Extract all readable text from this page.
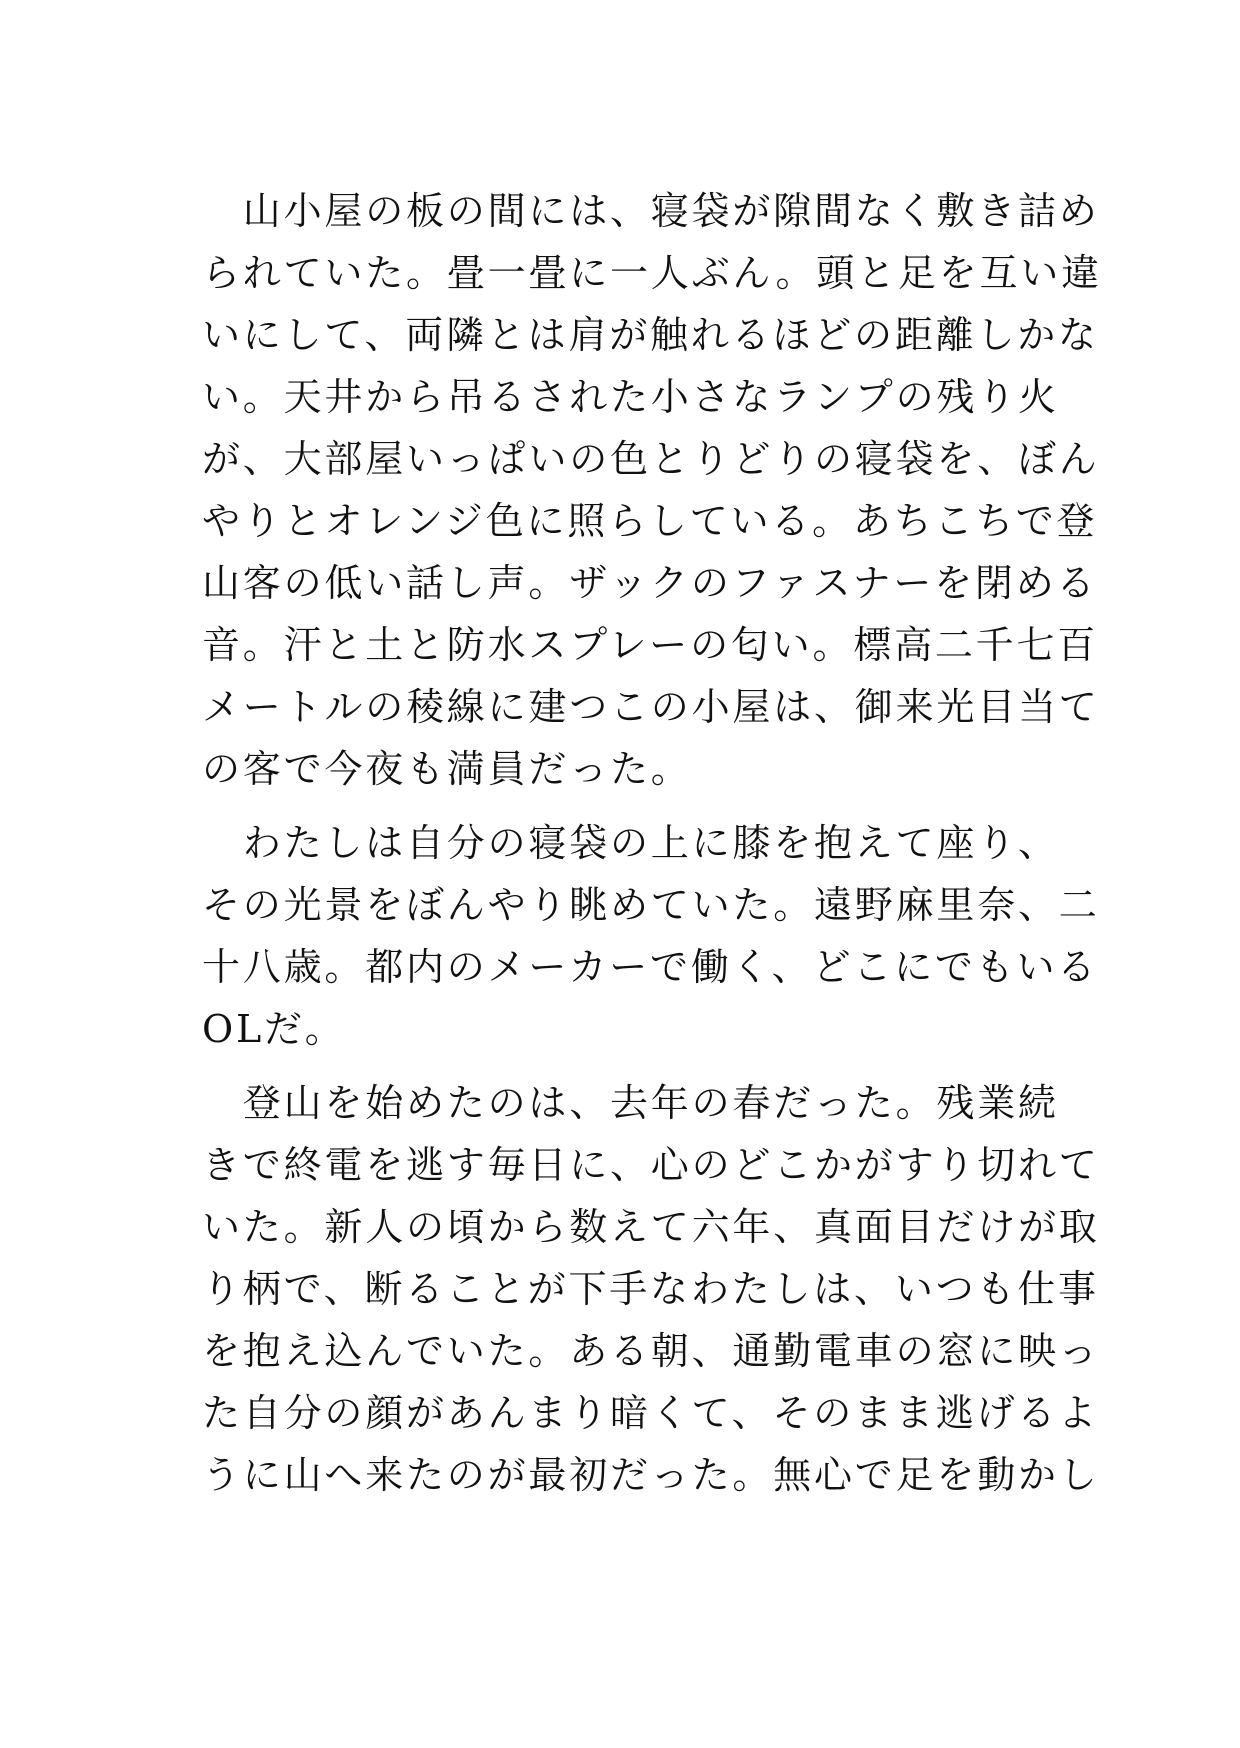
　山小屋の板の間には、寝袋が隙間なく敷き詰め
られていた。畳一畳に一人ぶん。頭と足を互い違
いにして、両隣とは肩が触れるほどの距離しかな
い。天井から吊るされた小さなランプの残り火
が、大部屋いっぱいの色とりどりの寝袋を、ぼん
やりとオレンジ色に照らしている。あちこちで登
山客の低い話し声。ザックのファスナーを閉める
音。汗と土と防水スプレーの匂い。標高二千七百
メートルの稜線に建つこの小屋は、御来光目当て
の客で今夜も満員だった。

　わたしは自分の寝袋の上に膝を抱えて座り、
その光景をぼんやり眺めていた。遠野麻里奈、二
十八歳。都内のメーカーで働く、どこにでもいる
OLだ。

　登山を始めたのは、去年の春だった。残業続
きで終電を逃す毎日に、心のどこかがすり切れて
いた。新人の頃から数えて六年、真面目だけが取
り柄で、断ることが下手なわたしは、いつも仕事
を抱え込んでいた。ある朝、通勤電車の窓に映っ
た自分の顔があんまり暗くて、そのまま逃げるよ
うに山へ来たのが最初だった。無心で足を動かし
